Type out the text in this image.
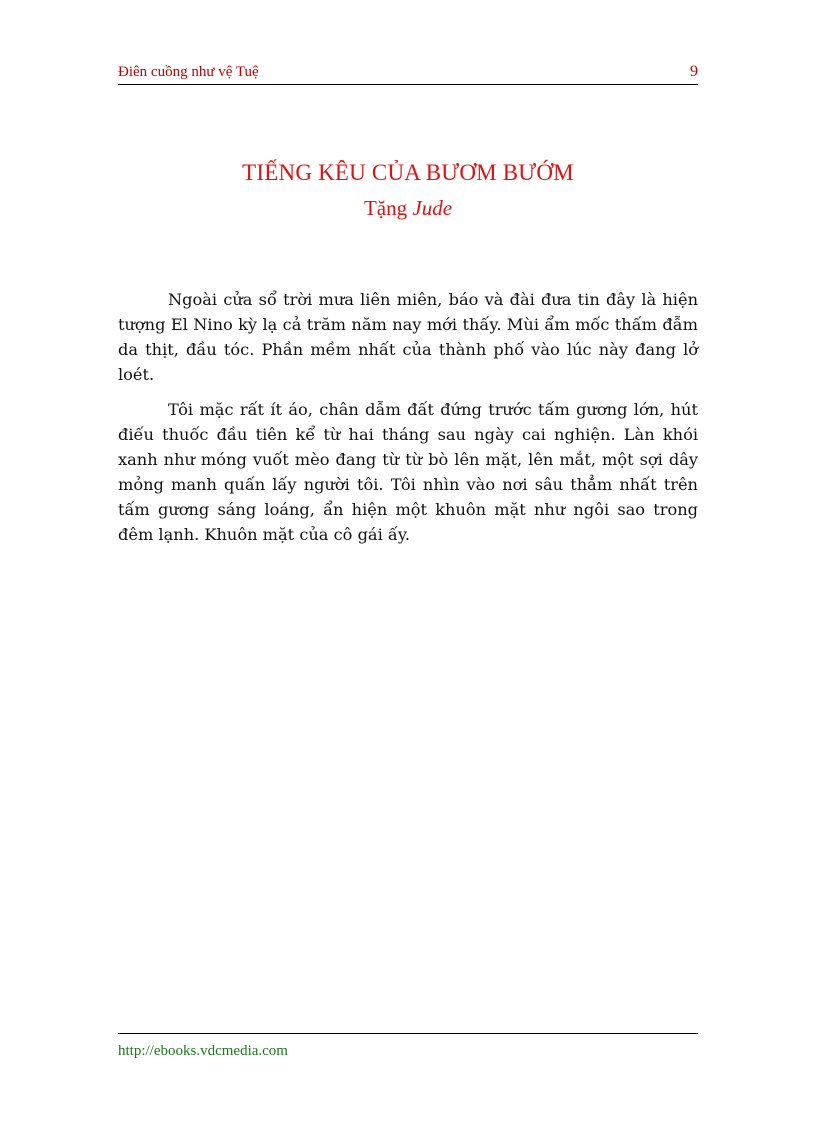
Điên cuồng như vệ Tuệ	9
TIẾNG KÊU CỦA BƯƠM BƯỚM
Tặng Jude

Ngoài cửa sổ trời mưa liên miên, báo và đài đưa tin đây là hiện tượng El Nino kỳ lạ cả trăm năm nay mới thấy. Mùi ẩm mốc thấm đẫm da thịt, đầu tóc. Phần mềm nhất của thành phố vào lúc này đang lở loét.

Tôi mặc rất ít áo, chân dẫm đất đứng trước tấm gương lớn, hút điếu thuốc đầu tiên kể từ hai tháng sau ngày cai nghiện. Làn khói xanh như móng vuốt mèo đang từ từ bò lên mặt, lên mắt, một sợi dây mỏng manh quấn lấy người tôi. Tôi nhìn vào nơi sâu thẳm nhất trên tấm gương sáng loáng, ẩn hiện một khuôn mặt như ngôi sao trong đêm lạnh. Khuôn mặt của cô gái ấy.

http://ebooks.vdcmedia.com
